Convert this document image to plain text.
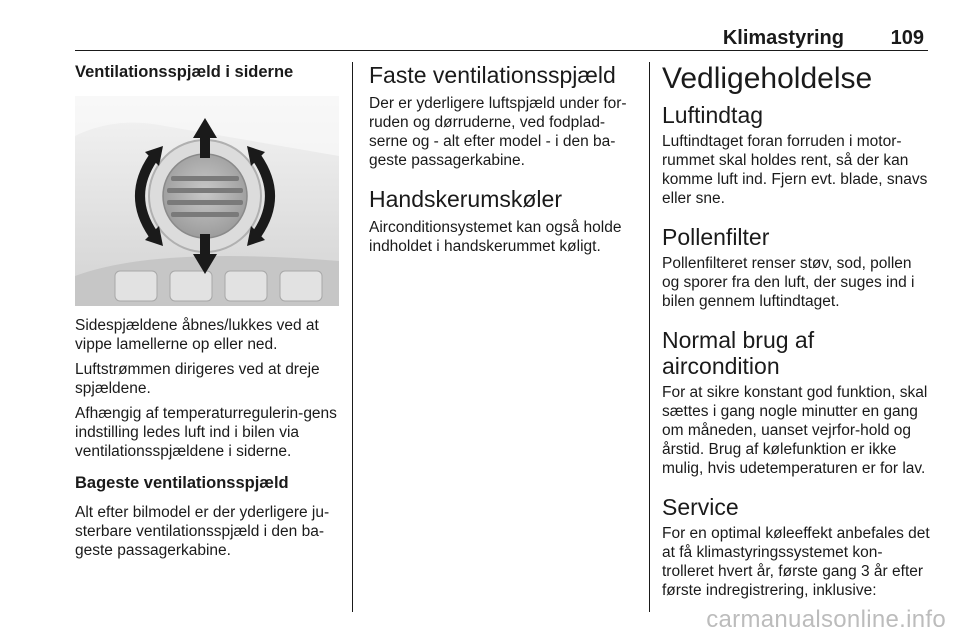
Klimastyring 109
Ventilationsspjæld i siderne

Sidespjældene åbnes/lukkes ved at vippe lamellerne op eller ned.

Luftstrømmen dirigeres ved at dreje spjældene.

Afhængig af temperaturregulerin-gens indstilling ledes luft ind i bilen via ventilationsspjældene i siderne.

Bageste ventilationsspjæld

Alt efter bilmodel er der yderligere ju-sterbare ventilationsspjæld i den ba-geste passagerkabine.

Faste ventilationsspjæld

Der er yderligere luftspjæld under for-ruden og dørruderne, ved fodplad-serne og - alt efter model - i den ba-geste passagerkabine.

Handskerumskøler

Airconditionsystemet kan også holde indholdet i handskerummet køligt.

Vedligeholdelse
Luftindtag

Luftindtaget foran forruden i motor-rummet skal holdes rent, så der kan komme luft ind. Fjern evt. blade, snavs eller sne.

Pollenfilter

Pollenfilteret renser støv, sod, pollen og sporer fra den luft, der suges ind i bilen gennem luftindtaget.

Normal brug af aircondition

For at sikre konstant god funktion, skal sættes i gang nogle minutter en gang om måneden, uanset vejrfor-hold og årstid. Brug af kølefunktion er ikke mulig, hvis udetemperaturen er for lav.

Service

For en optimal køleeffekt anbefales det at få klimastyringssystemet kon-trolleret hvert år, første gang 3 år efter første indregistrering, inklusive:

carmanualsonline.info
